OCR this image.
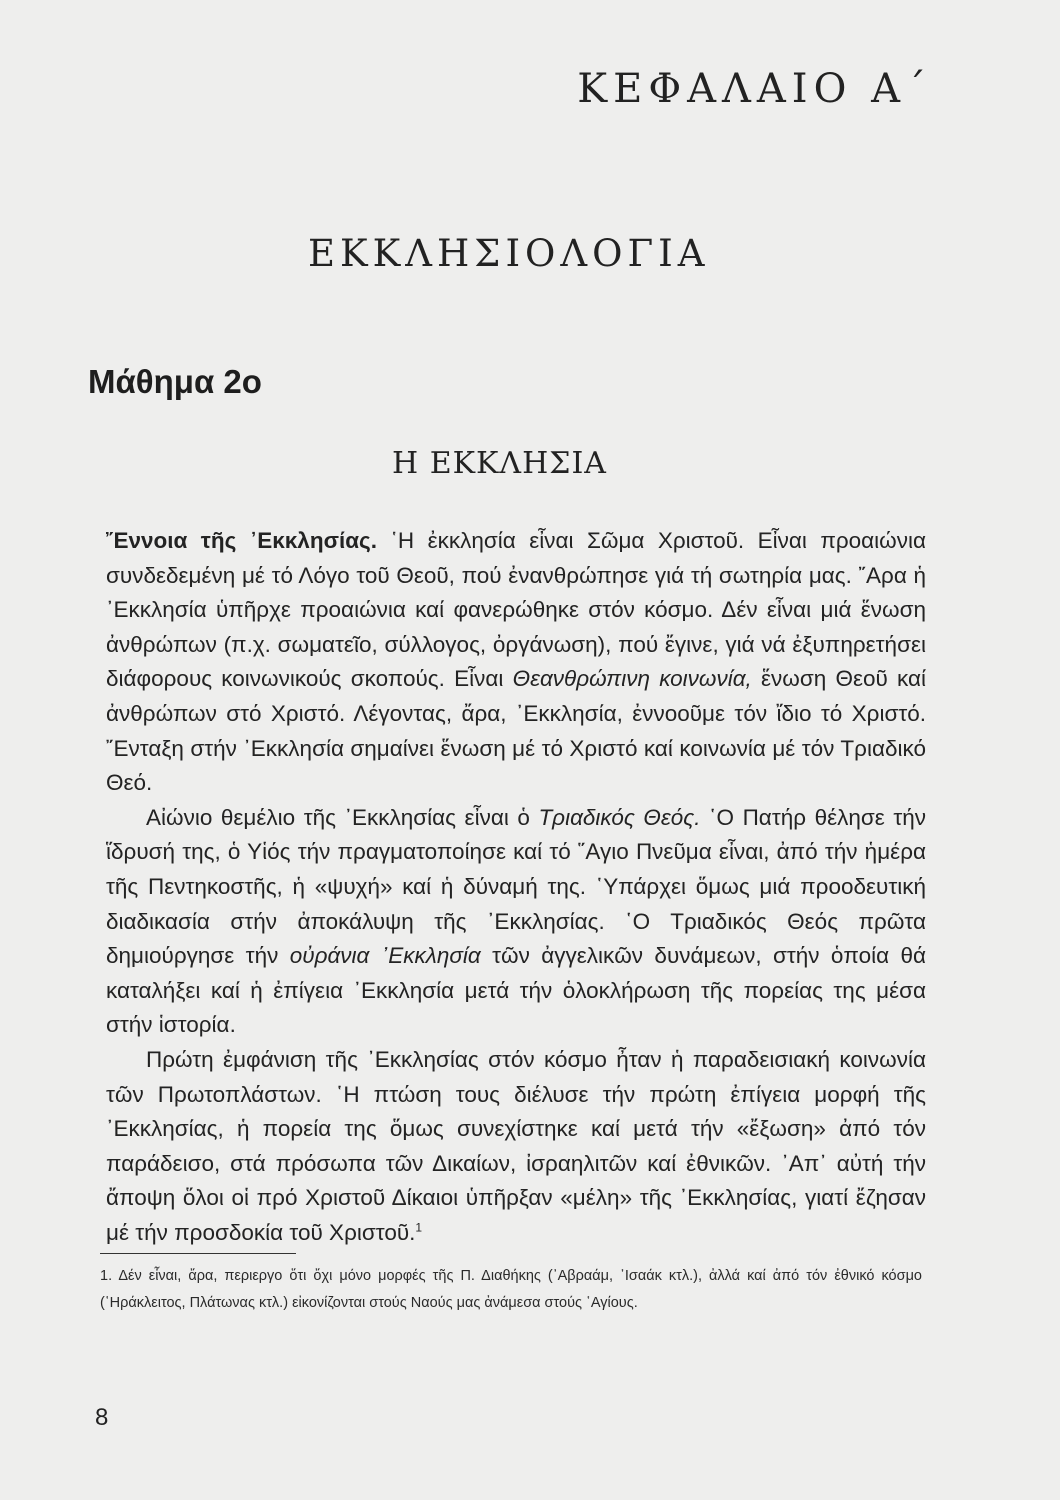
ΚΕΦΑΛΑΙΟ Α΄
ΕΚΚΛΗΣΙΟΛΟΓΙΑ
Μάθημα 2ο
Η ΕΚΚΛΗΣΙΑ

῎Εννοια τῆς ᾿Εκκλησίας. ῾Η ἐκκλησία εἶναι Σῶμα Χριστοῦ. Εἶναι προαιώνια συνδεδεμένη μέ τό Λόγο τοῦ Θεοῦ, πού ἐνανθρώπησε γιά τή σωτηρία μας. ῎Αρα ἡ ᾿Εκκλησία ὑπῆρχε προαιώνια καί φανερώθηκε στόν κόσμο. Δέν εἶναι μιά ἕνωση ἀνθρώπων (π.χ. σωματεῖο, σύλλογος, ὀργάνωση), πού ἔγινε, γιά νά ἐξυπηρετήσει διάφορους κοινωνικούς σκοπούς. Εἶναι Θεανθρώπινη κοινωνία, ἕνωση Θεοῦ καί ἀνθρώπων στό Χριστό. Λέγοντας, ἄρα, ᾿Εκκλησία, ἐννοοῦμε τόν ἴδιο τό Χριστό. ῎Ενταξη στήν ᾿Εκκλησία σημαίνει ἕνωση μέ τό Χριστό καί κοινωνία μέ τόν Τριαδικό Θεό.

Αἰώνιο θεμέλιο τῆς ᾿Εκκλησίας εἶναι ὁ Τριαδικός Θεός. ῾Ο Πατήρ θέλησε τήν ἵδρυσή της, ὁ Υἱός τήν πραγματοποίησε καί τό ῞Αγιο Πνεῦμα εἶναι, ἀπό τήν ἡμέρα τῆς Πεντηκοστῆς, ἡ «ψυχή» καί ἡ δύναμή της. ῾Υπάρχει ὅμως μιά προοδευτική διαδικασία στήν ἀποκάλυψη τῆς ᾿Εκκλησίας. ῾Ο Τριαδικός Θεός πρῶτα δημιούργησε τήν οὐράνια ᾿Εκκλησία τῶν ἀγγελικῶν δυνάμεων, στήν ὁποία θά καταλήξει καί ἡ ἐπίγεια ᾿Εκκλησία μετά τήν ὁλοκλήρωση τῆς πορείας της μέσα στήν ἱστορία.

Πρώτη ἐμφάνιση τῆς ᾿Εκκλησίας στόν κόσμο ἦταν ἡ παραδεισιακή κοινωνία τῶν Πρωτοπλάστων. ῾Η πτώση τους διέλυσε τήν πρώτη ἐπίγεια μορφή τῆς ᾿Εκκλησίας, ἡ πορεία της ὅμως συνεχίστηκε καί μετά τήν «ἔξωση» ἀπό τόν παράδεισο, στά πρόσωπα τῶν Δικαίων, ἰσραηλιτῶν καί ἐθνικῶν. ᾿Απ᾿ αὐτή τήν ἄποψη ὅλοι οἱ πρό Χριστοῦ Δίκαιοι ὑπῆρξαν «μέλη» τῆς ᾿Εκκλησίας, γιατί ἔζησαν μέ τήν προσδοκία τοῦ Χριστοῦ.$^1$

1. Δέν εἶναι, ἄρα, περιεργο ὅτι ὄχι μόνο μορφές τῆς Π. Διαθήκης (᾿Αβραάμ, ᾿Ισαάκ κτλ.), ἀλλά καί ἀπό τόν ἐθνικό κόσμο (῾Ηράκλειτος, Πλάτωνας κτλ.) εἰκονίζονται στούς Ναούς μας ἀνάμεσα στούς ῾Αγίους.
8
